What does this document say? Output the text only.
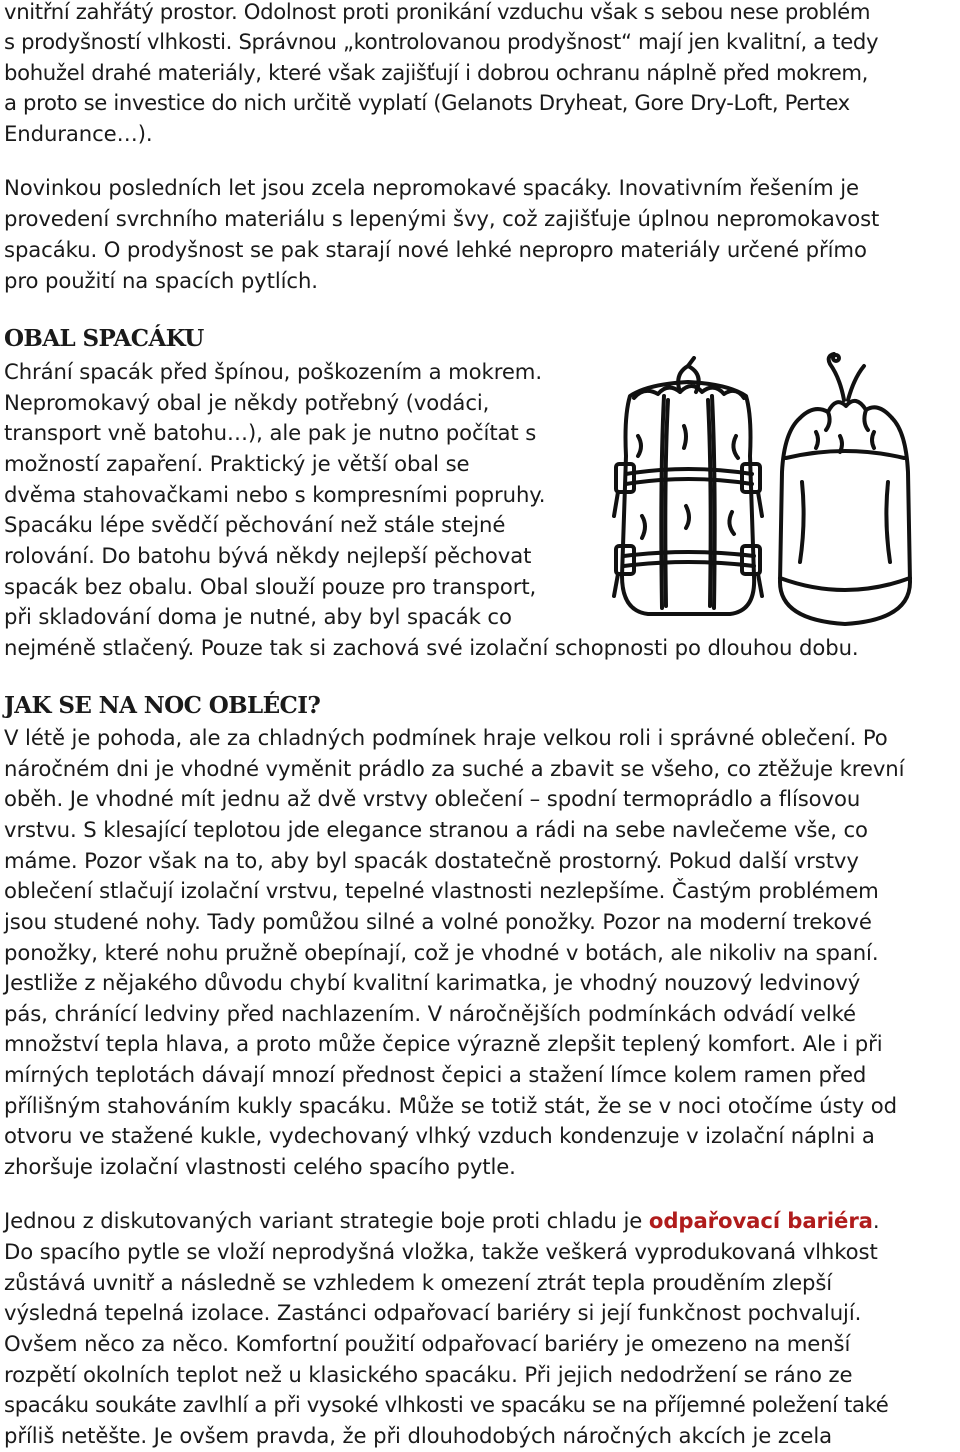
vnitřní zahřátý prostor. Odolnost proti pronikání vzduchu však s sebou nese problém
s prodyšností vlhkosti. Správnou „kontrolovanou prodyšnost“ mají jen kvalitní, a tedy
bohužel drahé materiály, které však zajišťují i dobrou ochranu náplně před mokrem,
a proto se investice do nich určitě vyplatí (Gelanots Dryheat, Gore Dry-Loft, Pertex
Endurance…).
Novinkou posledních let jsou zcela nepromokavé spacáky. Inovativním řešením je
provedení svrchního materiálu s lepenými švy, což zajišťuje úplnou nepromokavost
spacáku. O prodyšnost se pak starají nové lehké nepropro materiály určené přímo
pro použití na spacích pytlích.
OBAL SPACÁKU
Chrání spacák před špínou, poškozením a mokrem.
Nepromokavý obal je někdy potřebný (vodáci,
transport vně batohu…), ale pak je nutno počítat s
možností zapaření. Praktický je větší obal se
dvěma stahovačkami nebo s kompresními popruhy.
Spacáku lépe svědčí pěchování než stále stejné
rolování. Do batohu bývá někdy nejlepší pěchovat
spacák bez obalu. Obal slouží pouze pro transport,
při skladování doma je nutné, aby byl spacák co
nejméně stlačený. Pouze tak si zachová své izolační schopnosti po dlouhou dobu.
JAK SE NA NOC OBLÉCI?
V létě je pohoda, ale za chladných podmínek hraje velkou roli i správné oblečení. Po
náročném dni je vhodné vyměnit prádlo za suché a zbavit se všeho, co ztěžuje krevní
oběh. Je vhodné mít jednu až dvě vrstvy oblečení – spodní termoprádlo a flísovou
vrstvu. S klesající teplotou jde elegance stranou a rádi na sebe navlečeme vše, co
máme. Pozor však na to, aby byl spacák dostatečně prostorný. Pokud další vrstvy
oblečení stlačují izolační vrstvu, tepelné vlastnosti nezlepšíme. Častým problémem
jsou studené nohy. Tady pomůžou silné a volné ponožky. Pozor na moderní trekové
ponožky, které nohu pružně obepínají, což je vhodné v botách, ale nikoliv na spaní.
Jestliže z nějakého důvodu chybí kvalitní karimatka, je vhodný nouzový ledvinový
pás, chránící ledviny před nachlazením. V náročnějších podmínkách odvádí velké
množství tepla hlava, a proto může čepice výrazně zlepšit teplený komfort. Ale i při
mírných teplotách dávají mnozí přednost čepici a stažení límce kolem ramen před
přílišným stahováním kukly spacáku. Může se totiž stát, že se v noci otočíme ústy od
otvoru ve stažené kukle, vydechovaný vlhký vzduch kondenzuje v izolační náplni a
zhoršuje izolační vlastnosti celého spacího pytle.
Jednou z diskutovaných variant strategie boje proti chladu je odpařovací bariéra.
Do spacího pytle se vloží neprodyšná vložka, takže veškerá vyprodukovaná vlhkost
zůstává uvnitř a následně se vzhledem k omezení ztrát tepla prouděním zlepší
výsledná tepelná izolace. Zastánci odpařovací bariéry si její funkčnost pochvalují.
Ovšem něco za něco. Komfortní použití odpařovací bariéry je omezeno na menší
rozpětí okolních teplot než u klasického spacáku. Při jejich nedodržení se ráno ze
spacáku soukáte zavlhlí a při vysoké vlhkosti ve spacáku se na příjemné poležení také
příliš netěšte. Je ovšem pravda, že při dlouhodobých náročných akcích je zcela
